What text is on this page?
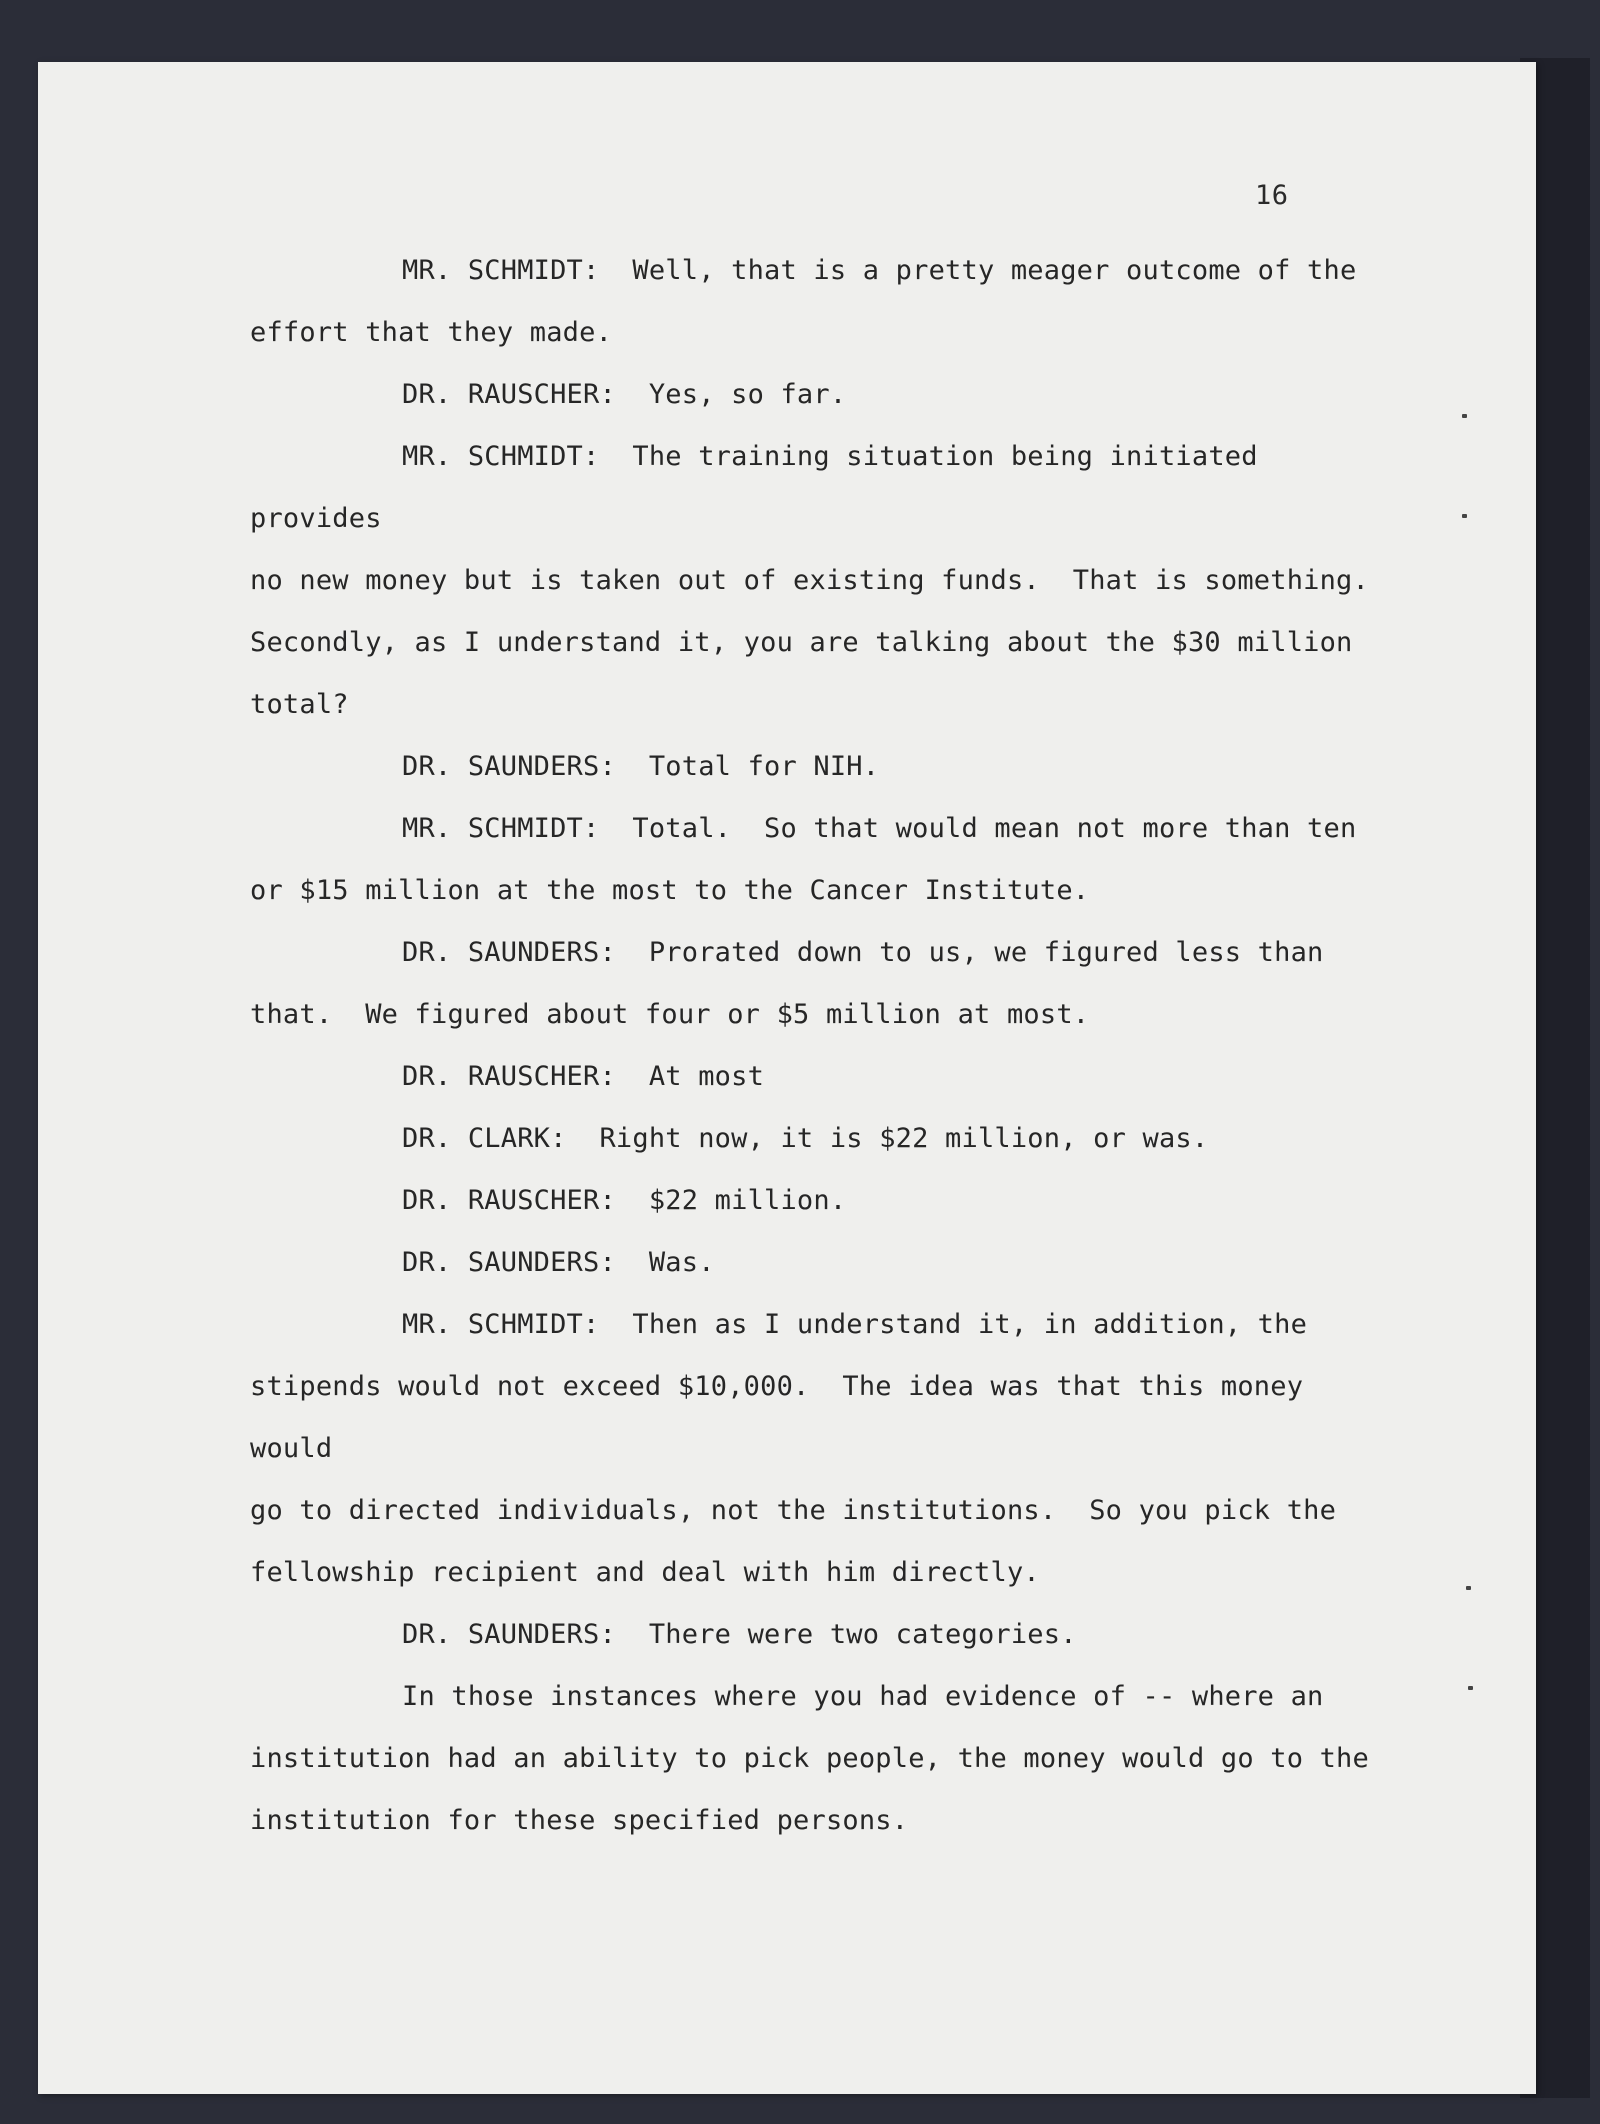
16

MR. SCHMIDT:  Well, that is a pretty meager outcome of the
effort that they made.

DR. RAUSCHER:  Yes, so far.

MR. SCHMIDT:  The training situation being initiated provides
no new money but is taken out of existing funds.  That is something.
Secondly, as I understand it, you are talking about the $30 million
total?

DR. SAUNDERS:  Total for NIH.

MR. SCHMIDT:  Total.  So that would mean not more than ten
or $15 million at the most to the Cancer Institute.

DR. SAUNDERS:  Prorated down to us, we figured less than
that.  We figured about four or $5 million at most.

DR. RAUSCHER:  At most

DR. CLARK:  Right now, it is $22 million, or was.

DR. RAUSCHER:  $22 million.

DR. SAUNDERS:  Was.

MR. SCHMIDT:  Then as I understand it, in addition, the
stipends would not exceed $10,000.  The idea was that this money would
go to directed individuals, not the institutions.  So you pick the
fellowship recipient and deal with him directly.

DR. SAUNDERS:  There were two categories.

In those instances where you had evidence of -- where an
institution had an ability to pick people, the money would go to the
institution for these specified persons.
